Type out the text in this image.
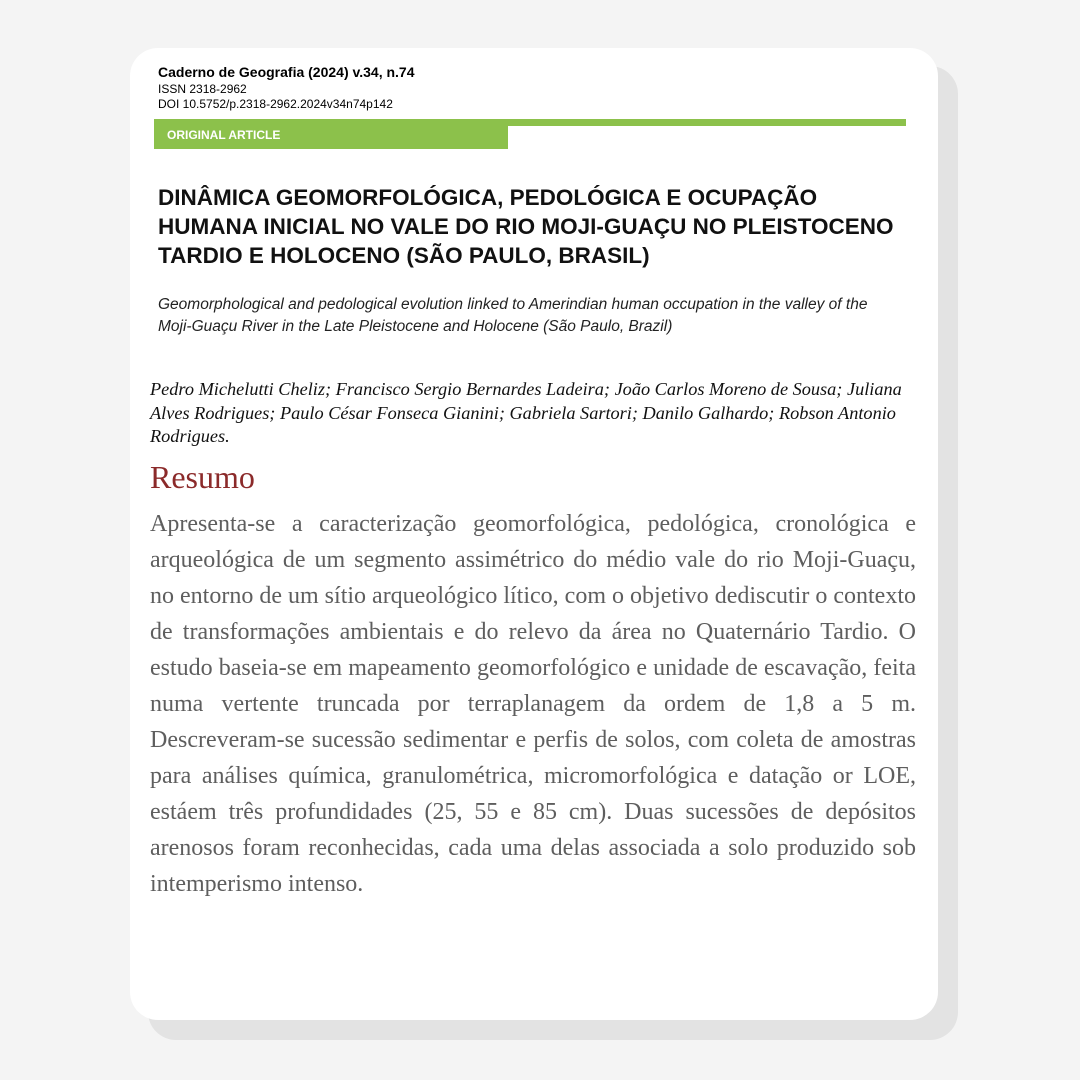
Caderno de Geografia (2024) v.34, n.74
ISSN 2318-2962
DOI 10.5752/p.2318-2962.2024v34n74p142
ORIGINAL ARTICLE
DINÂMICA GEOMORFOLÓGICA, PEDOLÓGICA E OCUPAÇÃO HUMANA INICIAL NO VALE DO RIO MOJI-GUAÇU NO PLEISTOCENO TARDIO E HOLOCENO (SÃO PAULO, BRASIL)

Geomorphological and pedological evolution linked to Amerindian human occupation in the valley of the Moji-Guaçu River in the Late Pleistocene and Holocene (São Paulo, Brazil)

Pedro Michelutti Cheliz; Francisco Sergio Bernardes Ladeira; João Carlos Moreno de Sousa; Juliana Alves Rodrigues; Paulo César Fonseca Gianini; Gabriela Sartori; Danilo Galhardo; Robson Antonio Rodrigues.

Resumo

Apresenta-se a caracterização geomorfológica, pedológica, cronológica e arqueológica de um segmento assimétrico do médio vale do rio Moji-Guaçu, no entorno de um sítio arqueológico lítico, com o objetivo dediscutir o contexto de transformações ambientais e do relevo da área no Quaternário Tardio. O estudo baseia-se em mapeamento geomorfológico e unidade de escavação, feita numa vertente truncada por terraplanagem da ordem de 1,8 a 5 m. Descreveram-se sucessão sedimentar e perfis de solos, com coleta de amostras para análises química, granulométrica, micromorfológica e datação or LOE, estáem três profundidades (25, 55 e 85 cm). Duas sucessões de depósitos arenosos foram reconhecidas, cada uma delas associada a solo produzido sob intemperismo intenso.
